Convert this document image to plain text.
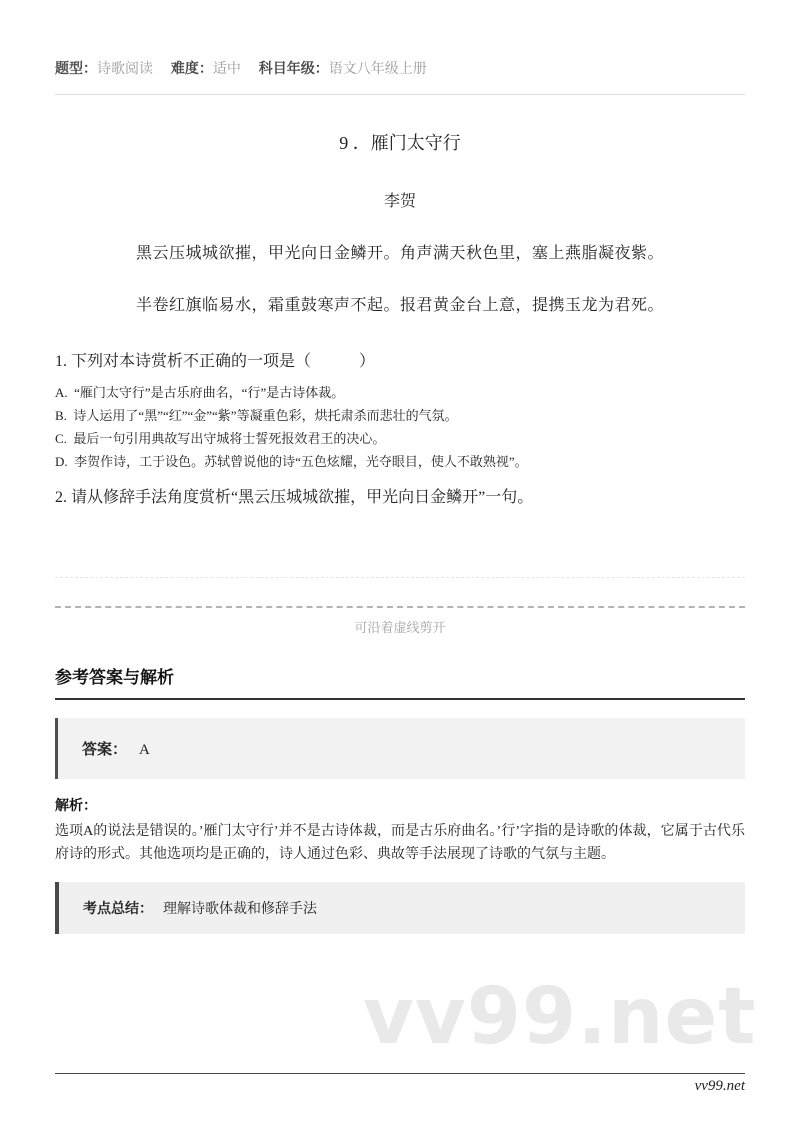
题型：诗歌阅读 难度：适中 科目年级：语文八年级上册
9 ．雁门太守行

李贺

黑云压城城欲摧，甲光向日金鳞开。角声满天秋色里，塞上燕脂凝夜紫。

半卷红旗临易水，霜重鼓寒声不起。报君黄金台上意，提携玉龙为君死。

1. 下列对本诗赏析不正确的一项是（　　　）

A.  “雁门太守行”是古乐府曲名，“行”是古诗体裁。

B.  诗人运用了“黑”“红”“金”“紫”等凝重色彩，烘托肃杀而悲壮的气氛。

C.  最后一句引用典故写出守城将士誓死报效君王的决心。

D.  李贺作诗，工于设色。苏轼曾说他的诗“五色炫耀，光夺眼目，使人不敢熟视”。

2. 请从修辞手法角度赏析“黑云压城城欲摧，甲光向日金鳞开”一句。

可沿着虚线剪开

参考答案与解析
答案： A

解析：

选项A的说法是错误的。’雁门太守行’并不是古诗体裁，而是古乐府曲名。’行’字指的是诗歌的体裁，它属于古代乐府诗的形式。其他选项均是正确的，诗人通过色彩、典故等手法展现了诗歌的气氛与主题。

考点总结： 理解诗歌体裁和修辞手法
vv99.net
vv99.net
